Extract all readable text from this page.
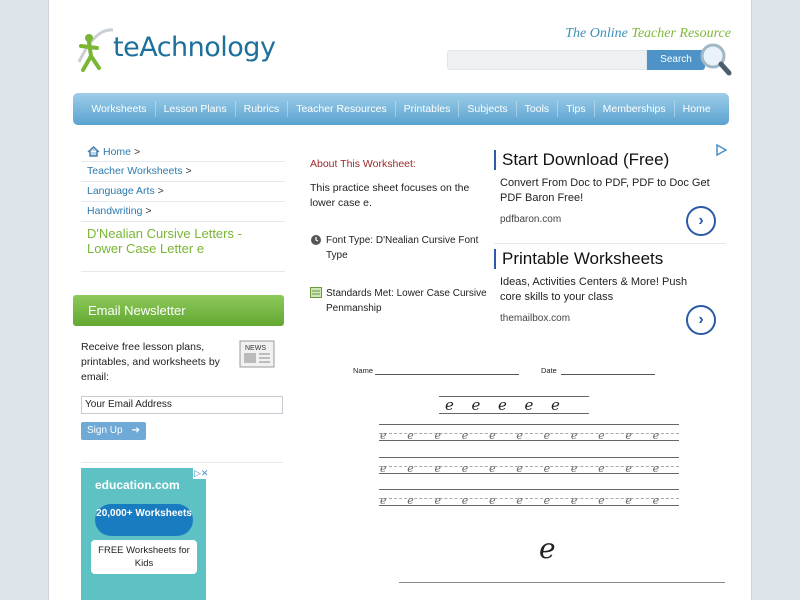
teAchnology	The Online Teacher Resource
Search
Worksheets	Lesson Plans	Rubrics	Teacher Resources	Printables	Subjects	Tools	Tips	Memberships	Home
Home >
Teacher Worksheets >
Language Arts >
Handwriting >
D'Nealian Cursive Letters - Lower Case Letter e
Email Newsletter
Receive free lesson plans, printables, and worksheets by email:
NEWS
Your Email Address
Sign Up ➔
education.com
20,000+ Worksheets
FREE Worksheets for Kids
▷✕
About This Worksheet:
This practice sheet focuses on the lower case e.
Font Type: D'Nealian Cursive Font Type
Standards Met: Lower Case Cursive Penmanship
Start Download (Free)
Convert From Doc to PDF, PDF to Doc Get PDF Baron Free!
pdfbaron.com	›
Printable Worksheets
Ideas, Activities Centers & More! Push core skills to your class
themailbox.com	›
Name	Date
e	e	e	e	e
e	e	e	e	e	e	e	e	e	e	e
e	e	e	e	e	e	e	e	e	e	e
e	e	e	e	e	e	e	e	e	e	e
e
